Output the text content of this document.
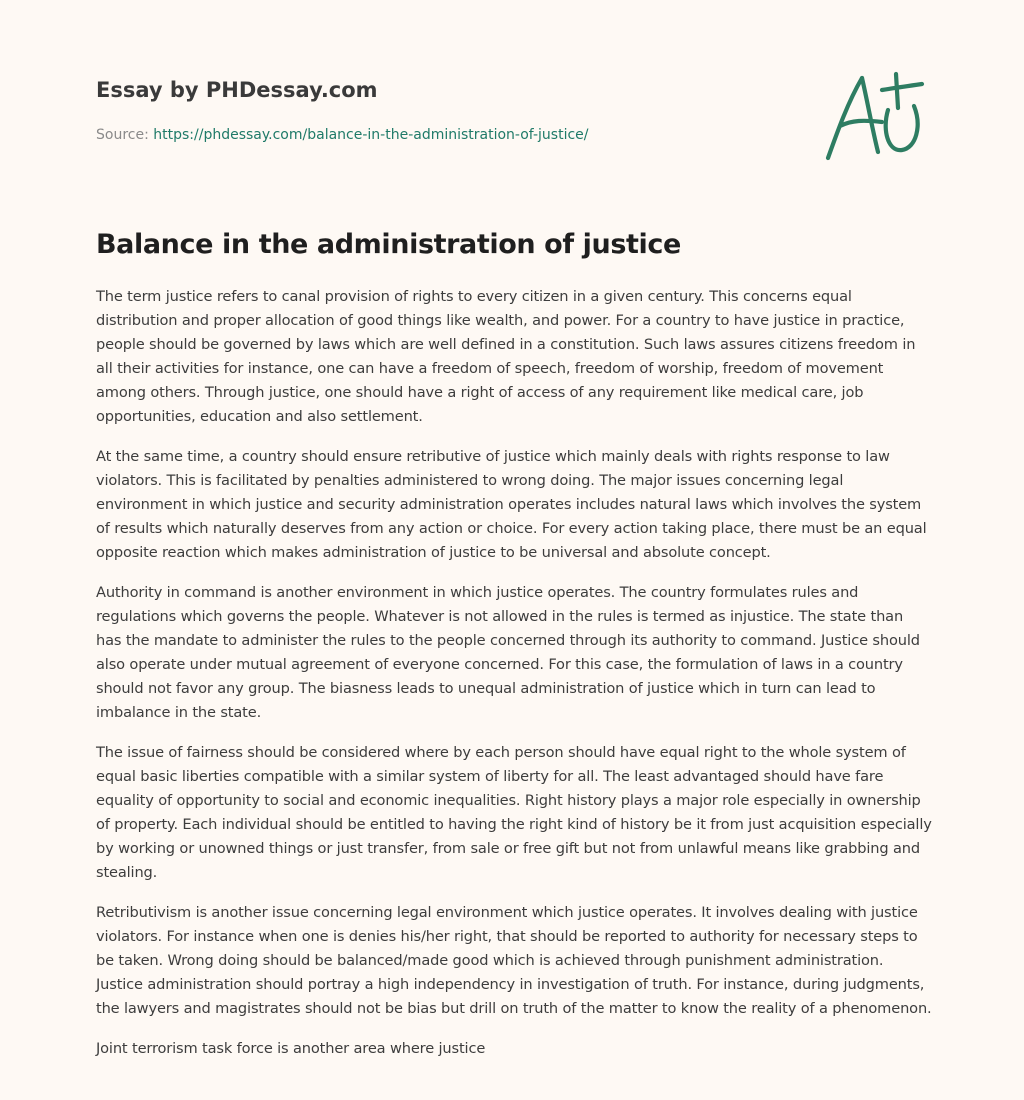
Essay by PHDessay.com
Source: https://phdessay.com/balance-in-the-administration-of-justice/
Balance in the administration of justice

The term justice refers to canal provision of rights to every citizen in a given century. This concerns equal distribution and proper allocation of good things like wealth, and power. For a country to have justice in practice, people should be governed by laws which are well defined in a constitution. Such laws assures citizens freedom in all their activities for instance, one can have a freedom of speech, freedom of worship, freedom of movement among others. Through justice, one should have a right of access of any requirement like medical care, job opportunities, education and also settlement.

At the same time, a country should ensure retributive of justice which mainly deals with rights response to law violators. This is facilitated by penalties administered to wrong doing. The major issues concerning legal environment in which justice and security administration operates includes natural laws which involves the system of results which naturally deserves from any action or choice. For every action taking place, there must be an equal opposite reaction which makes administration of justice to be universal and absolute concept.

Authority in command is another environment in which justice operates. The country formulates rules and regulations which governs the people. Whatever is not allowed in the rules is termed as injustice. The state than has the mandate to administer the rules to the people concerned through its authority to command. Justice should also operate under mutual agreement of everyone concerned. For this case, the formulation of laws in a country should not favor any group. The biasness leads to unequal administration of justice which in turn can lead to imbalance in the state.

The issue of fairness should be considered where by each person should have equal right to the whole system of equal basic liberties compatible with a similar system of liberty for all. The least advantaged should have fare equality of opportunity to social and economic inequalities. Right history plays a major role especially in ownership of property. Each individual should be entitled to having the right kind of history be it from just acquisition especially by working or unowned things or just transfer, from sale or free gift but not from unlawful means like grabbing and stealing.

Retributivism is another issue concerning legal environment which justice operates. It involves dealing with justice violators. For instance when one is denies his/her right, that should be reported to authority for necessary steps to be taken. Wrong doing should be balanced/made good which is achieved through punishment administration. Justice administration should portray a high independency in investigation of truth. For instance, during judgments, the lawyers and magistrates should not be bias but drill on truth of the matter to know the reality of a phenomenon.

Joint terrorism task force is another area where justice
